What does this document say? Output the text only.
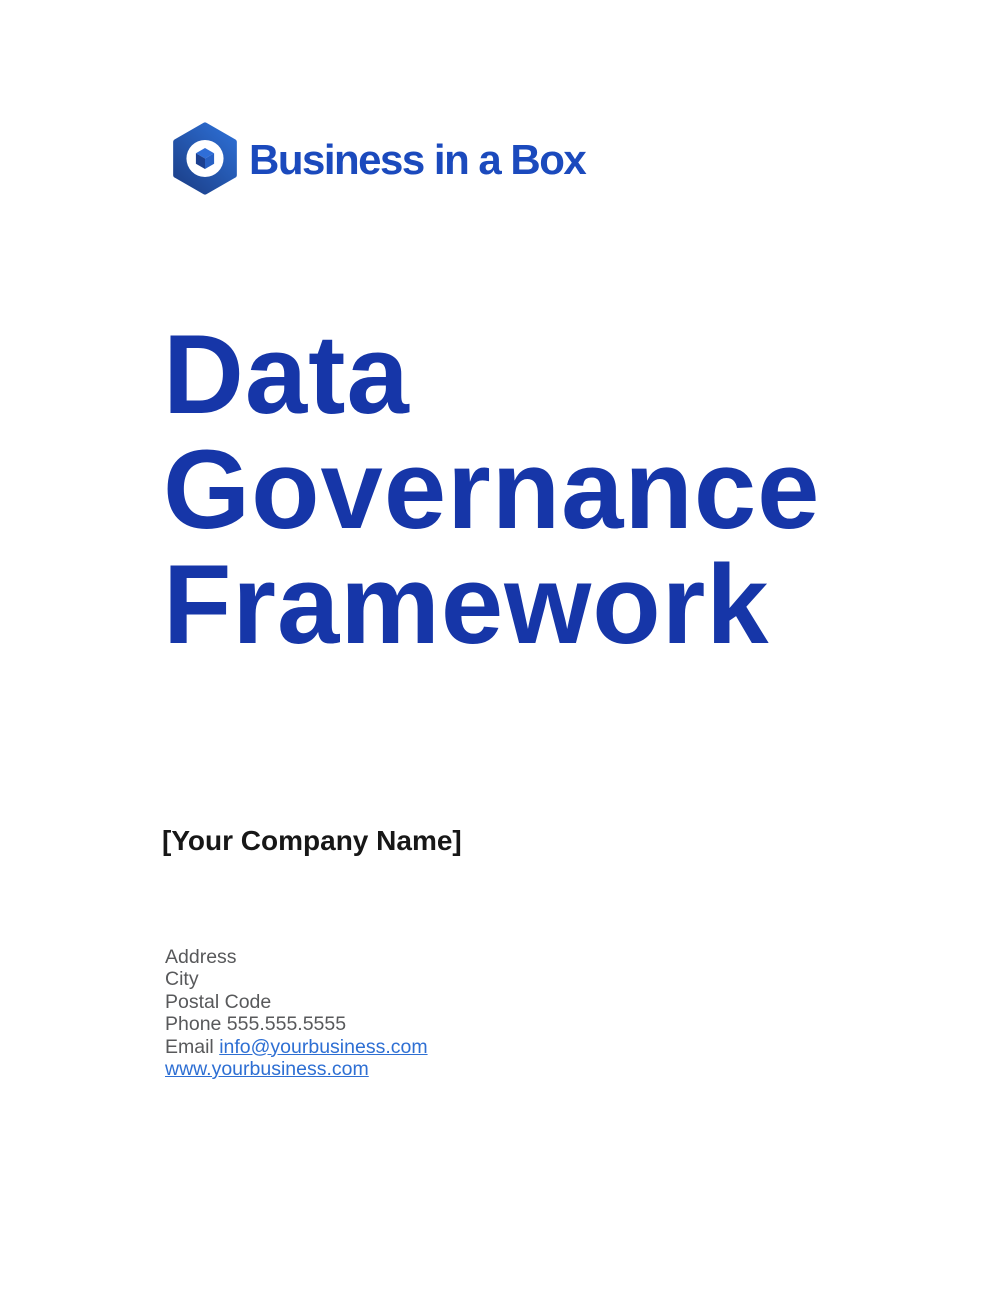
Business in a Box
Data
Governance
Framework
[Your Company Name]
Address
City
Postal Code
Phone 555.555.5555
Email info@yourbusiness.com
www.yourbusiness.com
